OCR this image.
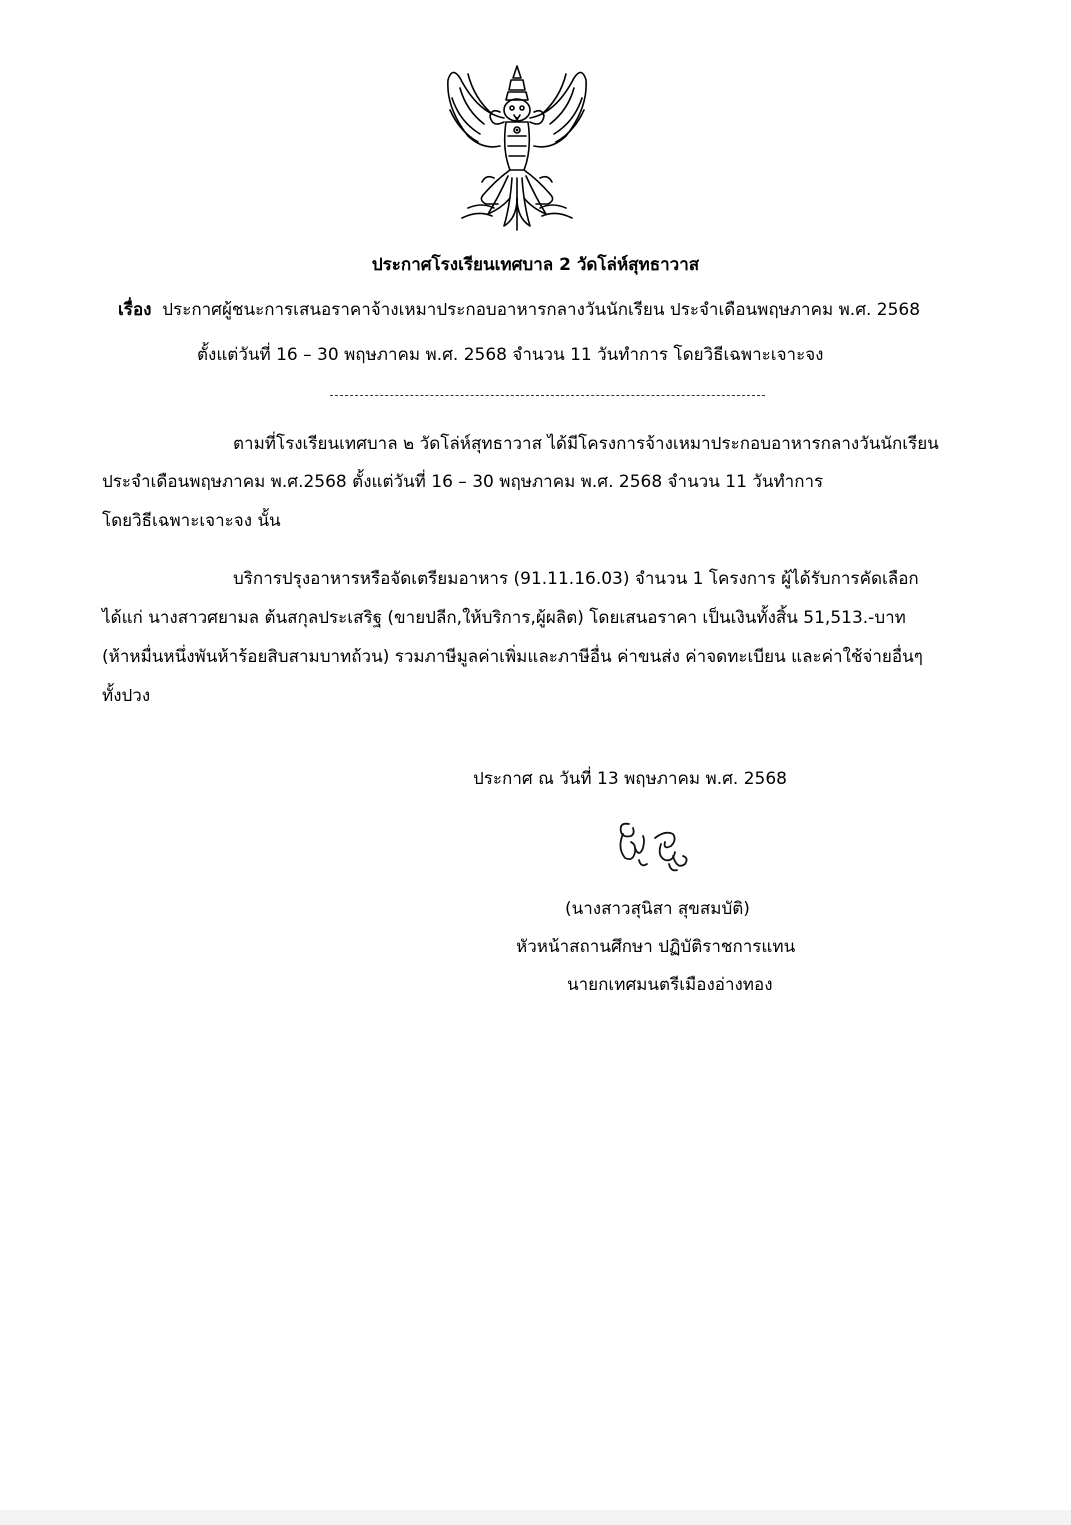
ประกาศโรงเรียนเทศบาล 2 วัดโล่ห์สุทธาวาส
เรื่อง ประกาศผู้ชนะการเสนอราคาจ้างเหมาประกอบอาหารกลางวันนักเรียน ประจำเดือนพฤษภาคม พ.ศ. 2568
ตั้งแต่วันที่ 16 – 30 พฤษภาคม พ.ศ. 2568 จำนวน 11 วันทำการ โดยวิธีเฉพาะเจาะจง
ตามที่โรงเรียนเทศบาล ๒ วัดโล่ห์สุทธาวาส ได้มีโครงการจ้างเหมาประกอบอาหารกลางวันนักเรียน
ประจำเดือนพฤษภาคม พ.ศ.2568 ตั้งแต่วันที่ 16 – 30 พฤษภาคม พ.ศ. 2568 จำนวน 11 วันทำการ
โดยวิธีเฉพาะเจาะจง นั้น
บริการปรุงอาหารหรือจัดเตรียมอาหาร (91.11.16.03) จำนวน 1 โครงการ ผู้ได้รับการคัดเลือก
ได้แก่ นางสาวศยามล ต้นสกุลประเสริฐ (ขายปลีก,ให้บริการ,ผู้ผลิต) โดยเสนอราคา เป็นเงินทั้งสิ้น 51,513.-บาท
(ห้าหมื่นหนึ่งพันห้าร้อยสิบสามบาทถ้วน) รวมภาษีมูลค่าเพิ่มและภาษีอื่น ค่าขนส่ง ค่าจดทะเบียน และค่าใช้จ่ายอื่นๆ
ทั้งปวง
ประกาศ ณ วันที่ 13 พฤษภาคม พ.ศ. 2568
(นางสาวสุนิสา สุขสมบัติ)
หัวหน้าสถานศึกษา ปฏิบัติราชการแทน
นายกเทศมนตรีเมืองอ่างทอง
